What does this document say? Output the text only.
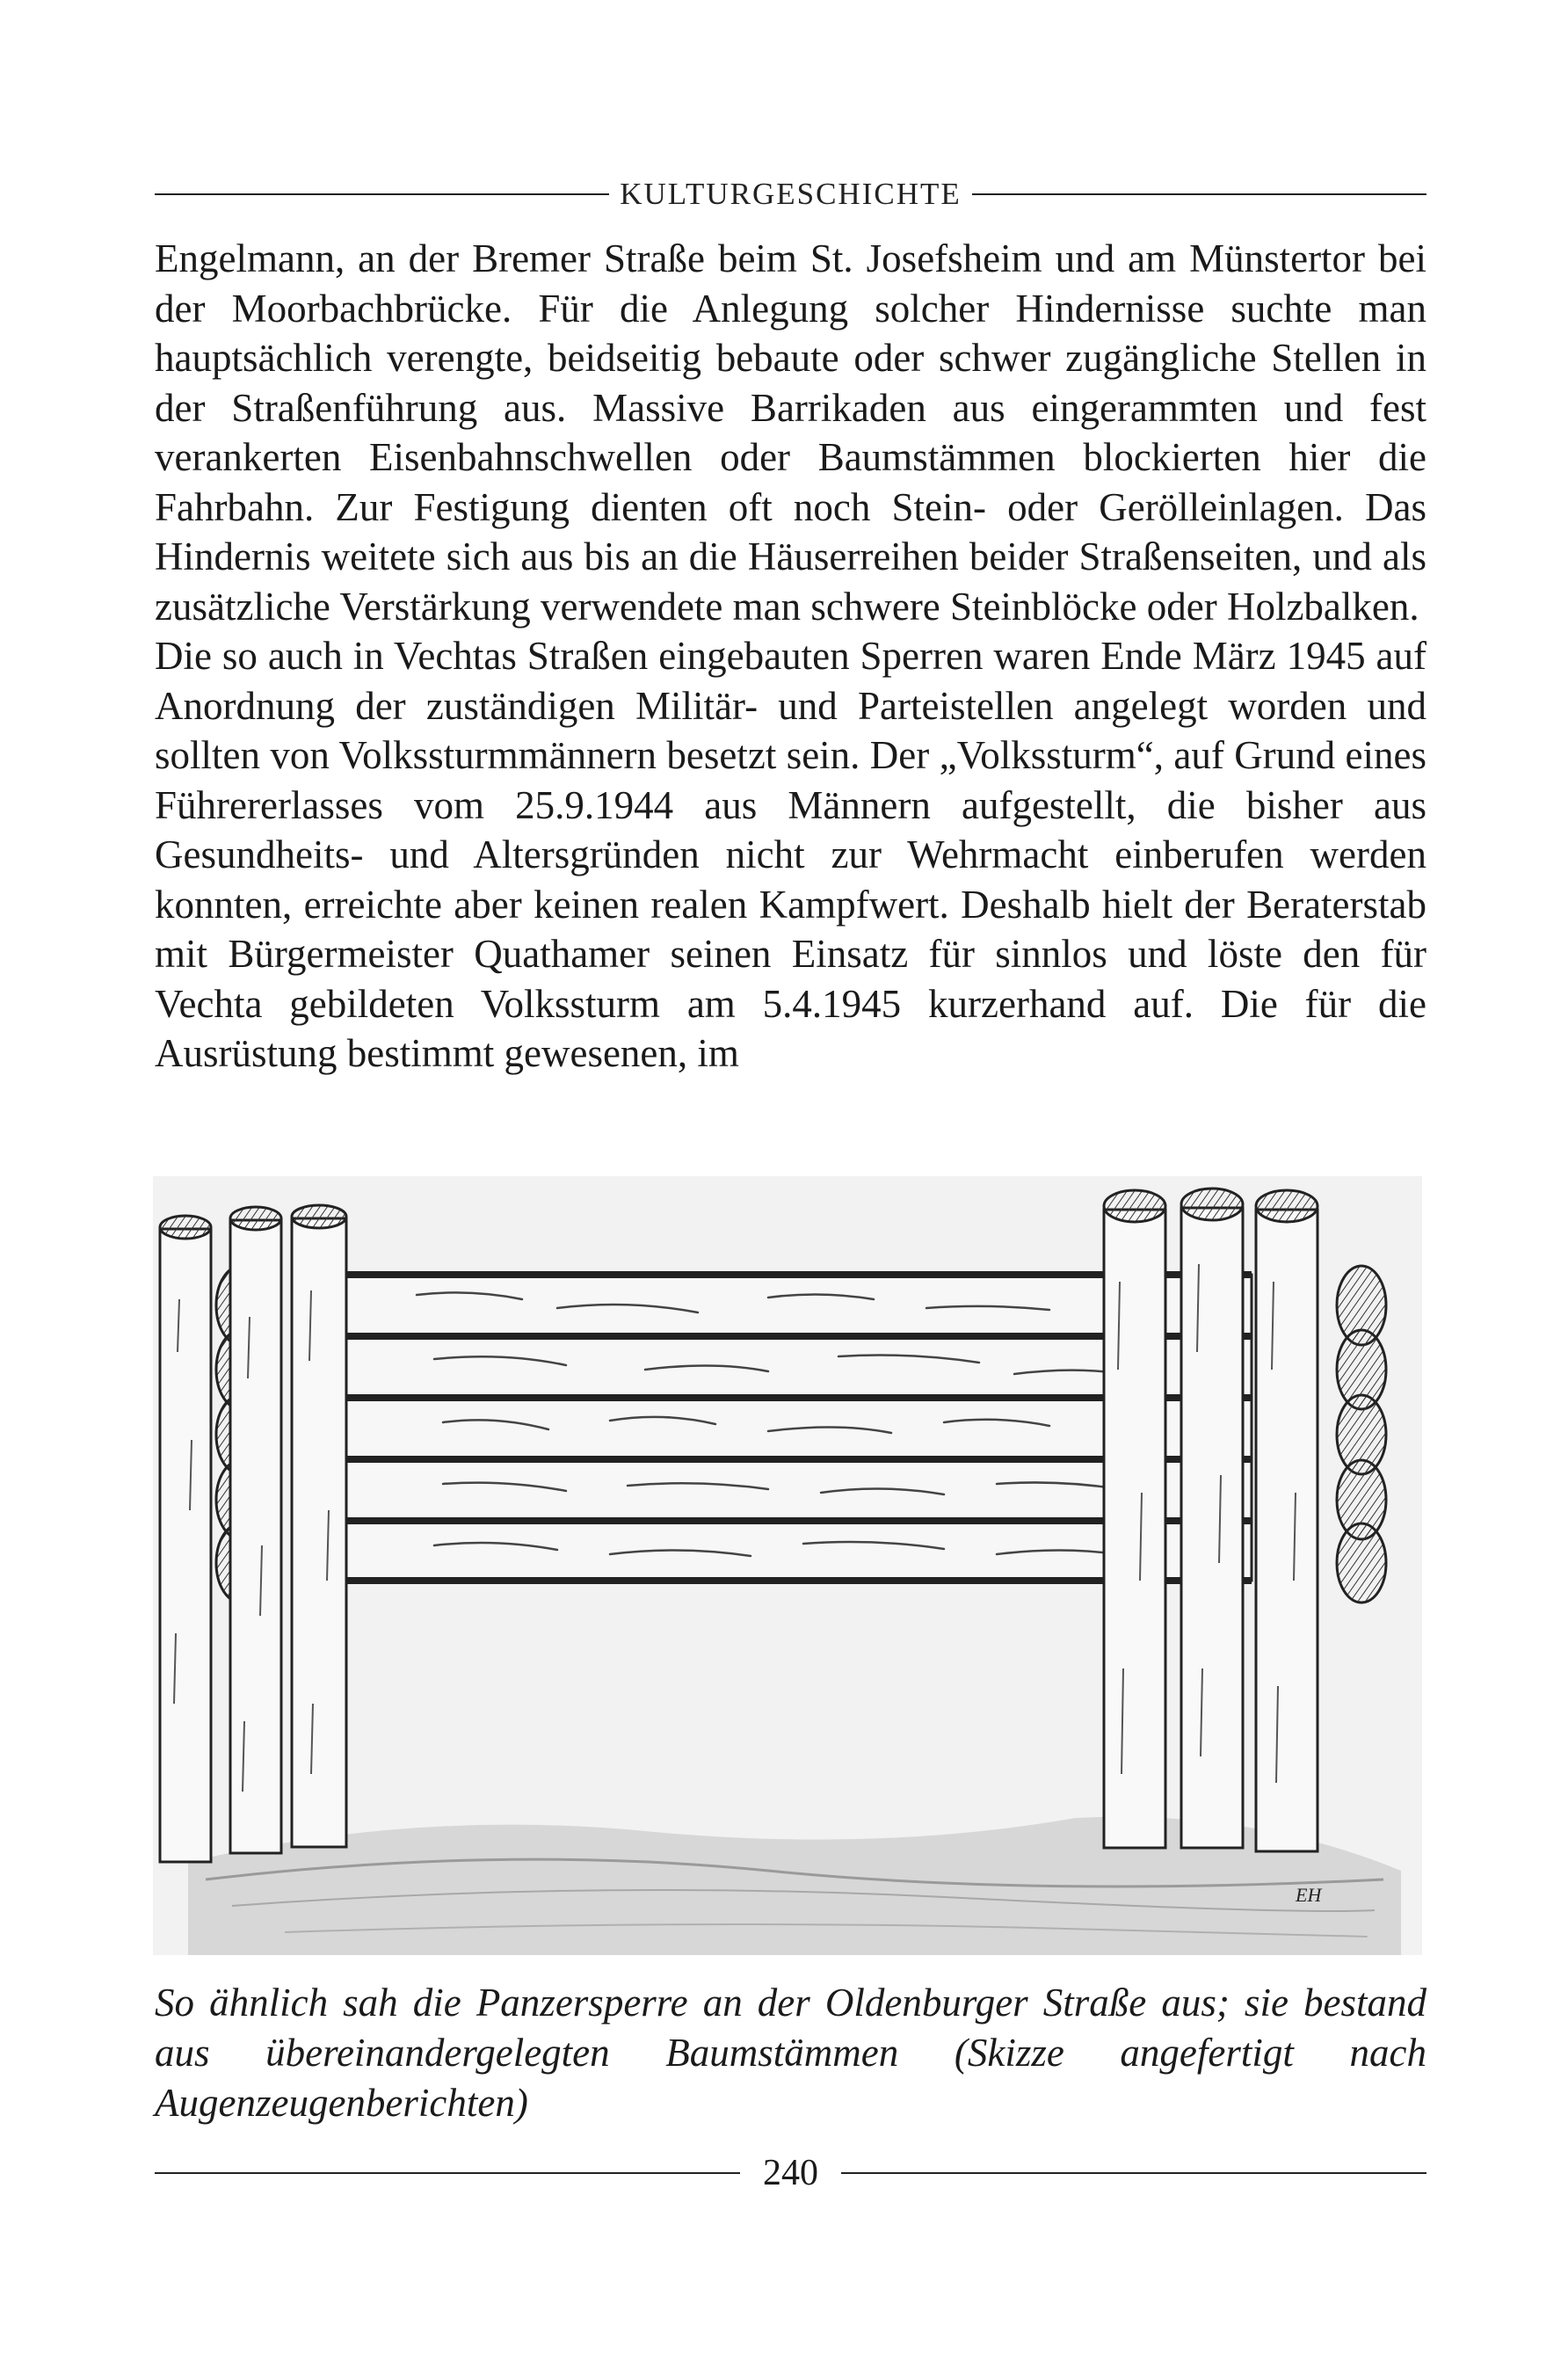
KULTURGESCHICHTE

Engelmann, an der Bremer Straße beim St. Josefsheim und am Münstertor bei der Moorbachbrücke. Für die Anlegung solcher Hindernisse suchte man hauptsächlich verengte, beidseitig bebaute oder schwer zugängliche Stellen in der Straßenführung aus. Massive Barrikaden aus eingerammten und fest verankerten Eisenbahnschwellen oder Baumstämmen blockierten hier die Fahrbahn. Zur Festigung dienten oft noch Stein- oder Gerölleinlagen. Das Hindernis weitete sich aus bis an die Häuserreihen beider Straßenseiten, und als zusätzliche Verstärkung verwendete man schwere Steinblöcke oder Holzbalken.

Die so auch in Vechtas Straßen eingebauten Sperren waren Ende März 1945 auf Anordnung der zuständigen Militär- und Parteistellen angelegt worden und sollten von Volkssturmmännern besetzt sein. Der „Volkssturm“, auf Grund eines Führererlasses vom 25.9.1944 aus Männern aufgestellt, die bisher aus Gesundheits- und Altersgründen nicht zur Wehrmacht einberufen werden konnten, erreichte aber keinen realen Kampfwert. Deshalb hielt der Beraterstab mit Bürgermeister Quathamer seinen Einsatz für sinnlos und löste den für Vechta gebildeten Volkssturm am 5.4.1945 kurzerhand auf. Die für die Ausrüstung bestimmt gewesenen, im

EH

So ähnlich sah die Panzersperre an der Oldenburger Straße aus; sie bestand aus übereinandergelegten Baumstämmen (Skizze angefertigt nach Augenzeugenberichten)

240
